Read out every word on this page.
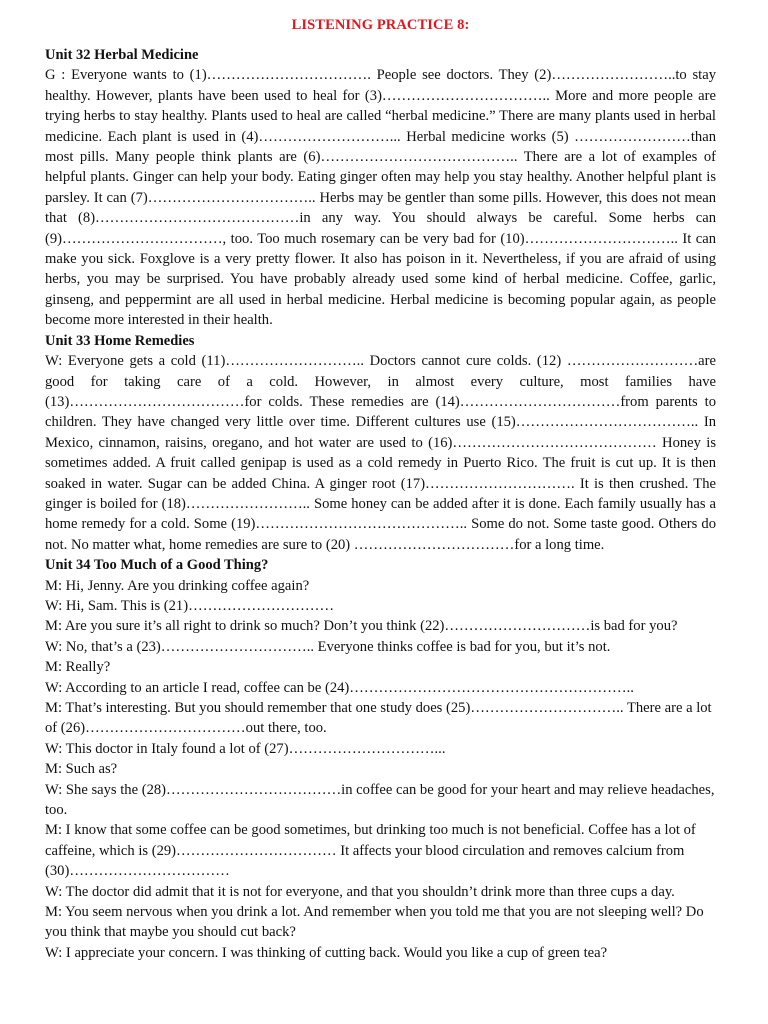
LISTENING PRACTICE 8:
Unit 32 Herbal Medicine

G : Everyone wants to (1)……………………………. People see doctors. They (2)……………………..to stay healthy. However, plants have been used to heal for (3)…………………………….. More and more people are trying herbs to stay healthy. Plants used to heal are called “herbal medicine.” There are many plants used in herbal medicine. Each plant is used in (4)………………………... Herbal medicine works (5) ……………………than most pills. Many people think plants are (6)………………………………….. There are a lot of examples of helpful plants. Ginger can help your body. Eating ginger often may help you stay healthy. Another helpful plant is parsley. It can (7)…………………………….. Herbs may be gentler than some pills. However, this does not mean that (8)……………………………………in any way. You should always be careful. Some herbs can (9)……………………………, too. Too much rosemary can be very bad for (10)………………………….. It can make you sick. Foxglove is a very pretty flower. It also has poison in it. Nevertheless, if you are afraid of using herbs, you may be surprised. You have probably already used some kind of herbal medicine. Coffee, garlic, ginseng, and peppermint are all used in herbal medicine. Herbal medicine is becoming popular again, as people become more interested in their health.

Unit 33 Home Remedies

W: Everyone gets a cold (11)……………………….. Doctors cannot cure colds. (12) ………………………are good for taking care of a cold. However, in almost every culture, most families have (13)………………………………for colds. These remedies are (14)……………………………from parents to children. They have changed very little over time. Different cultures use (15)……………………………….. In Mexico, cinnamon, raisins, oregano, and hot water are used to (16)…………………………………… Honey is sometimes added. A fruit called genipap is used as a cold remedy in Puerto Rico. The fruit is cut up. It is then soaked in water. Sugar can be added China. A ginger root (17)…………………………. It is then crushed. The ginger is boiled for (18)…………………….. Some honey can be added after it is done. Each family usually has a home remedy for a cold. Some (19)…………………………………….. Some do not. Some taste good. Others do not. No matter what, home remedies are sure to (20) ……………………………for a long time.

Unit 34 Too Much of a Good Thing?

M: Hi, Jenny. Are you drinking coffee again?

W: Hi, Sam. This is (21)…………………………

M: Are you sure it’s all right to drink so much? Don’t you think (22)…………………………is bad for you?

W: No, that’s a (23)………………………….. Everyone thinks coffee is bad for you, but it’s not.

M: Really?

W: According to an article I read, coffee can be (24)…………………………………………………..

M: That’s interesting. But you should remember that one study does (25)………………………….. There are a lot of (26)……………………………out there, too.

W: This doctor in Italy found a lot of (27)…………………………...

M: Such as?

W: She says the (28)………………………………in coffee can be good for your heart and may relieve headaches, too.

M: I know that some coffee can be good sometimes, but drinking too much is not beneficial. Coffee has a lot of caffeine, which is (29)…………………………… It affects your blood circulation and removes calcium from (30)……………………………

W: The doctor did admit that it is not for everyone, and that you shouldn’t drink more than three cups a day.

M: You seem nervous when you drink a lot. And remember when you told me that you are not sleeping well? Do you think that maybe you should cut back?

W: I appreciate your concern. I was thinking of cutting back. Would you like a cup of green tea?
